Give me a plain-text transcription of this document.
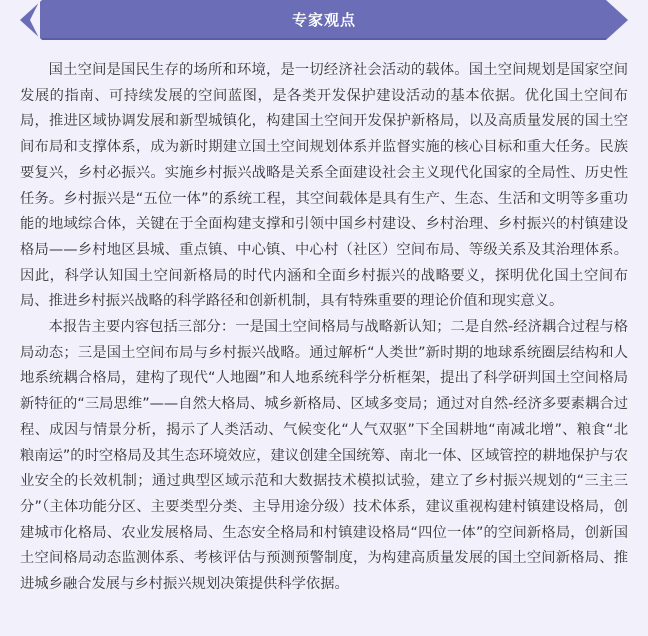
专家观点

国土空间是国民生存的场所和环境，是一切经济社会活动的载体。国土空间规划是国家空间发展的指南、可持续发展的空间蓝图，是各类开发保护建设活动的基本依据。优化国土空间布局，推进区域协调发展和新型城镇化，构建国土空间开发保护新格局，以及高质量发展的国土空间布局和支撑体系，成为新时期建立国土空间规划体系并监督实施的核心目标和重大任务。民族要复兴，乡村必振兴。实施乡村振兴战略是关系全面建设社会主义现代化国家的全局性、历史性任务。乡村振兴是“五位一体”的系统工程，其空间载体是具有生产、生态、生活和文明等多重功能的地域综合体，关键在于全面构建支撑和引领中国乡村建设、乡村治理、乡村振兴的村镇建设格局——乡村地区县城、重点镇、中心镇、中心村（社区）空间布局、等级关系及其治理体系。因此，科学认知国土空间新格局的时代内涵和全面乡村振兴的战略要义，探明优化国土空间布局、推进乡村振兴战略的科学路径和创新机制，具有特殊重要的理论价值和现实意义。

本报告主要内容包括三部分：一是国土空间格局与战略新认知；二是自然-经济耦合过程与格局动态；三是国土空间布局与乡村振兴战略。通过解析“人类世”新时期的地球系统圈层结构和人地系统耦合格局，建构了现代“人地圈”和人地系统科学分析框架，提出了科学研判国土空间格局新特征的“三局思维”——自然大格局、城乡新格局、区域多变局；通过对自然-经济多要素耦合过程、成因与情景分析，揭示了人类活动、气候变化“人气双驱”下全国耕地“南减北增”、粮食“北粮南运”的时空格局及其生态环境效应，建议创建全国统筹、南北一体、区域管控的耕地保护与农业安全的长效机制；通过典型区域示范和大数据技术模拟试验，建立了乡村振兴规划的“三主三分”（主体功能分区、主要类型分类、主导用途分级）技术体系，建议重视构建村镇建设格局，创建城市化格局、农业发展格局、生态安全格局和村镇建设格局“四位一体”的空间新格局，创新国土空间格局动态监测体系、考核评估与预测预警制度，为构建高质量发展的国土空间新格局、推进城乡融合发展与乡村振兴规划决策提供科学依据。
